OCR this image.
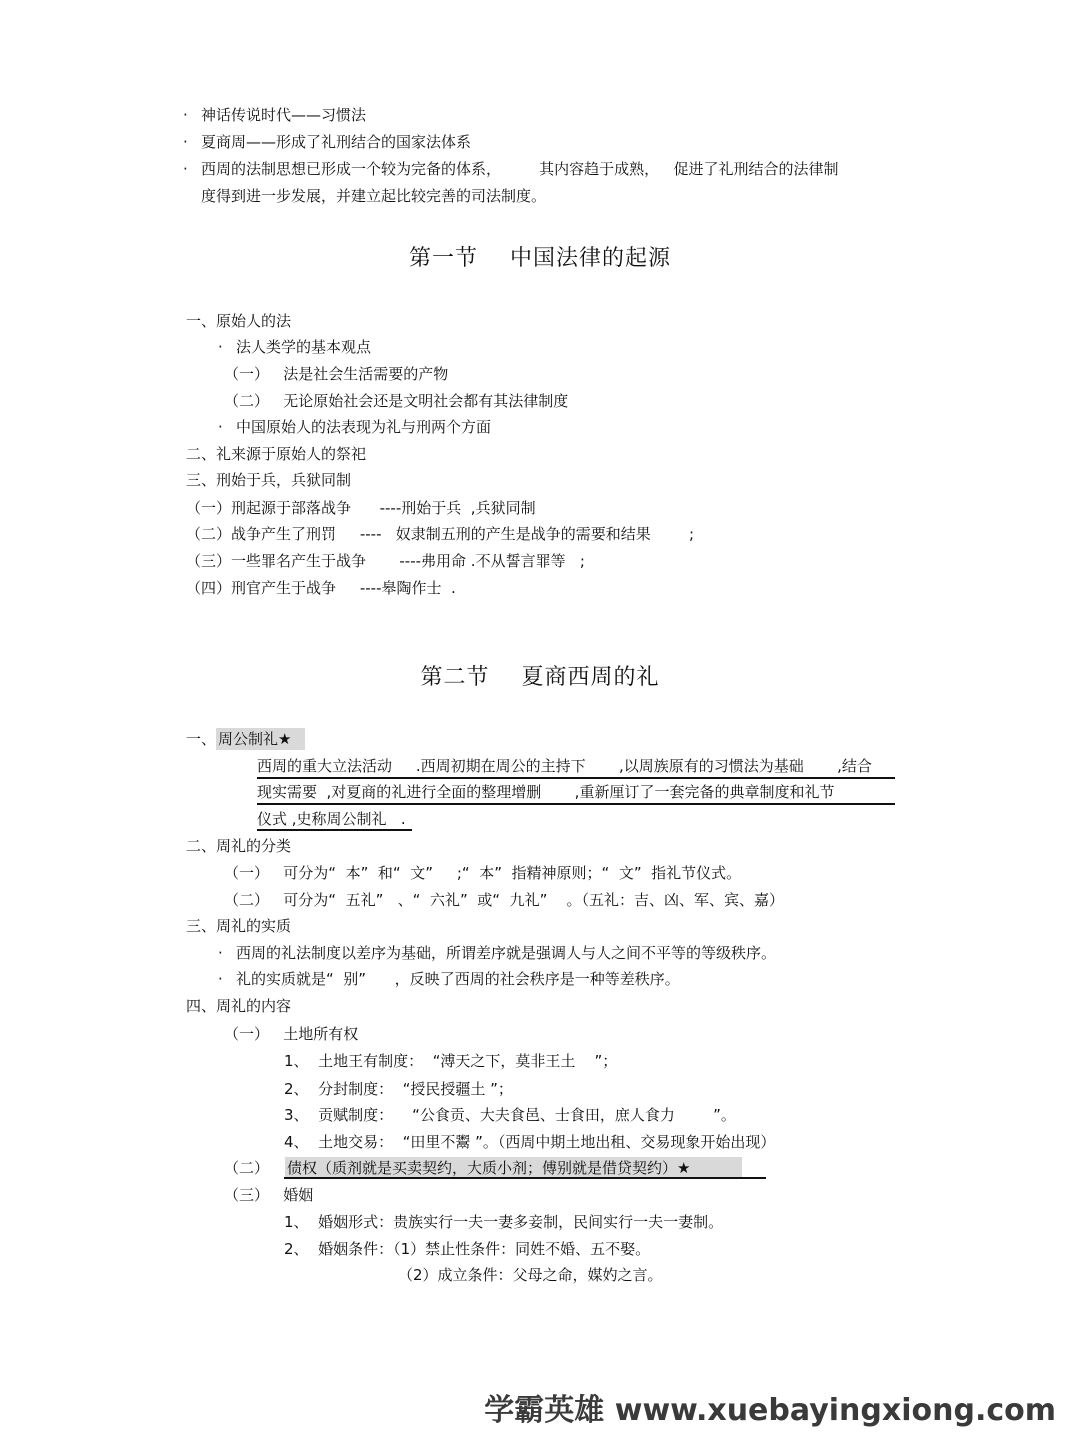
· 神话传说时代——习惯法
· 夏商周——形成了礼刑结合的国家法体系
· 西周的法制思想已形成一个较为完备的体系，        其内容趋于成熟，   促进了礼刑结合的法律制
度得到进一步发展，并建立起比较完善的司法制度。
第一节    中国法律的起源
一、原始人的法
· 法人类学的基本观点
（一）   法是社会生活需要的产物
（二）   无论原始社会还是文明社会都有其法律制度
· 中国原始人的法表现为礼与刑两个方面
二、礼来源于原始人的祭祀
三、刑始于兵，兵狱同制
（一）刑起源于部落战争      ----刑始于兵  ,兵狱同制
（二）战争产生了刑罚     ----   奴隶制五刑的产生是战争的需要和结果        ;
（三）一些罪名产生于战争       ----弗用命 .不从誓言罪等   ;
（四）刑官产生于战争     ----皋陶作士  .
第二节    夏商西周的礼
一、 周公制礼★
西周的重大立法活动     .西周初期在周公的主持下       ,以周族原有的习惯法为基础       ,结合
现实需要  ,对夏商的礼进行全面的整理增删       ,重新厘订了一套完备的典章制度和礼节
仪式 ,史称周公制礼   .
二、周礼的分类
（一）   可分为“  本”  和“  文”     ;“  本”  指精神原则；“  文”  指礼节仪式。
（二）   可分为“  五礼”   、“  六礼”  或“  九礼”    。（五礼：吉、凶、军、宾、嘉）
三、周礼的实质
· 西周的礼法制度以差序为基础，所谓差序就是强调人与人之间不平等的等级秩序。
· 礼的实质就是“  别”      ，反映了西周的社会秩序是一种等差秩序。
四、周礼的内容
（一）   土地所有权
1、  土地王有制度：  “溥天之下，莫非王土    ”；
2、  分封制度：  “授民授疆土 ”；
3、  贡赋制度：    “公食贡、大夫食邑、士食田，庶人食力        ”。
4、  土地交易：  “田里不鬻 ”。（西周中期土地出租、交易现象开始出现）
（二） 债权（质剂就是买卖契约，大质小剂；傅别就是借贷契约）★
（三）   婚姻
1、  婚姻形式：贵族实行一夫一妻多妾制，民间实行一夫一妻制。
2、  婚姻条件：（1）禁止性条件：同姓不婚、五不娶。
（2）成立条件：父母之命，媒妁之言。
学霸英雄 www.xuebayingxiong.com
